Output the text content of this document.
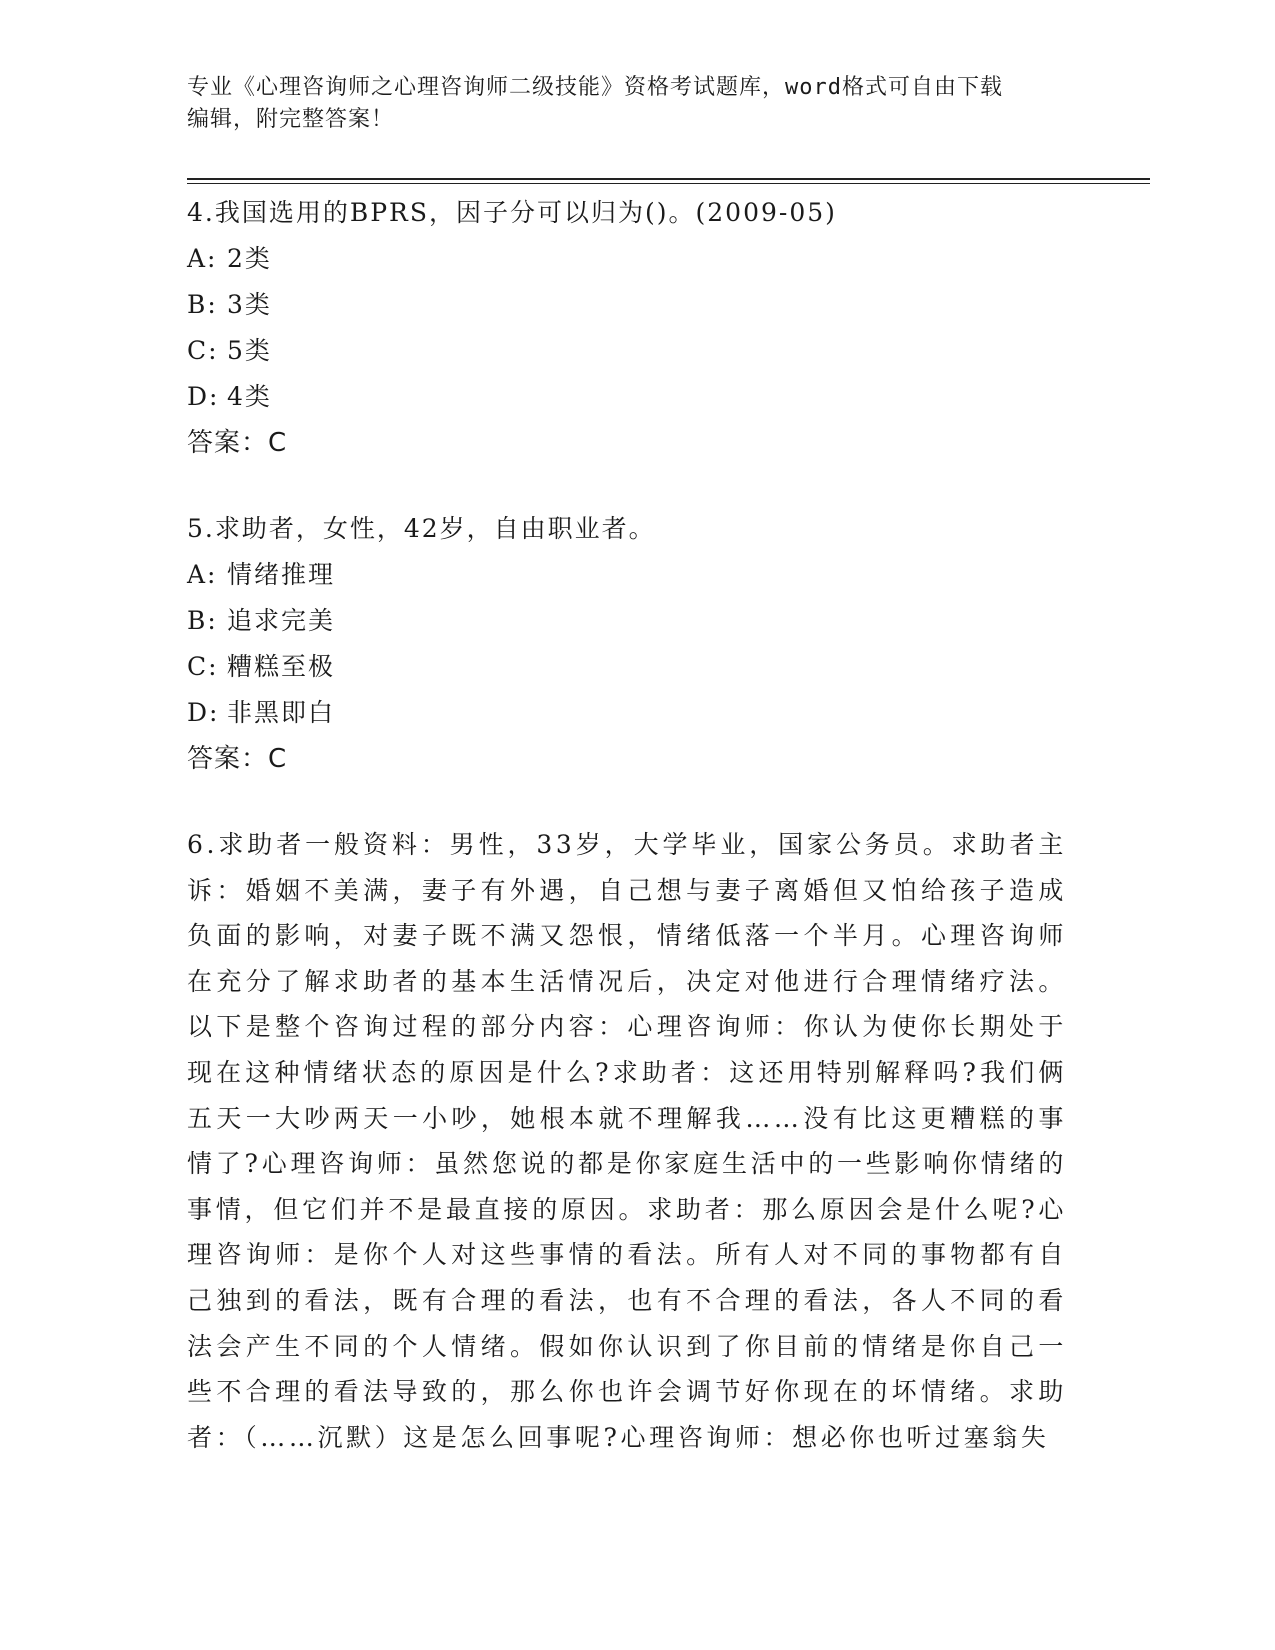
专业《心理咨询师之心理咨询师二级技能》资格考试题库，word格式可自由下载
编辑，附完整答案！

4.我国选用的BPRS，因子分可以归为()。(2009-05)

A: 2类

B: 3类

C: 5类

D: 4类

答案：C

5.求助者，女性，42岁，自由职业者。

A: 情绪推理

B: 追求完美

C: 糟糕至极

D: 非黑即白

答案：C

6.求助者一般资料：男性，33岁，大学毕业，国家公务员。求助者主诉：婚姻不美满，妻子有外遇，自己想与妻子离婚但又怕给孩子造成负面的影响，对妻子既不满又怨恨，情绪低落一个半月。心理咨询师在充分了解求助者的基本生活情况后，决定对他进行合理情绪疗法。以下是整个咨询过程的部分内容：心理咨询师：你认为使你长期处于现在这种情绪状态的原因是什么?求助者：这还用特别解释吗?我们俩五天一大吵两天一小吵，她根本就不理解我……没有比这更糟糕的事情了?心理咨询师：虽然您说的都是你家庭生活中的一些影响你情绪的事情，但它们并不是最直接的原因。求助者：那么原因会是什么呢?心理咨询师：是你个人对这些事情的看法。所有人对不同的事物都有自己独到的看法，既有合理的看法，也有不合理的看法，各人不同的看法会产生不同的个人情绪。假如你认识到了你目前的情绪是你自己一些不合理的看法导致的，那么你也许会调节好你现在的坏情绪。求助者：（……沉默）这是怎么回事呢?心理咨询师：想必你也听过塞翁失
